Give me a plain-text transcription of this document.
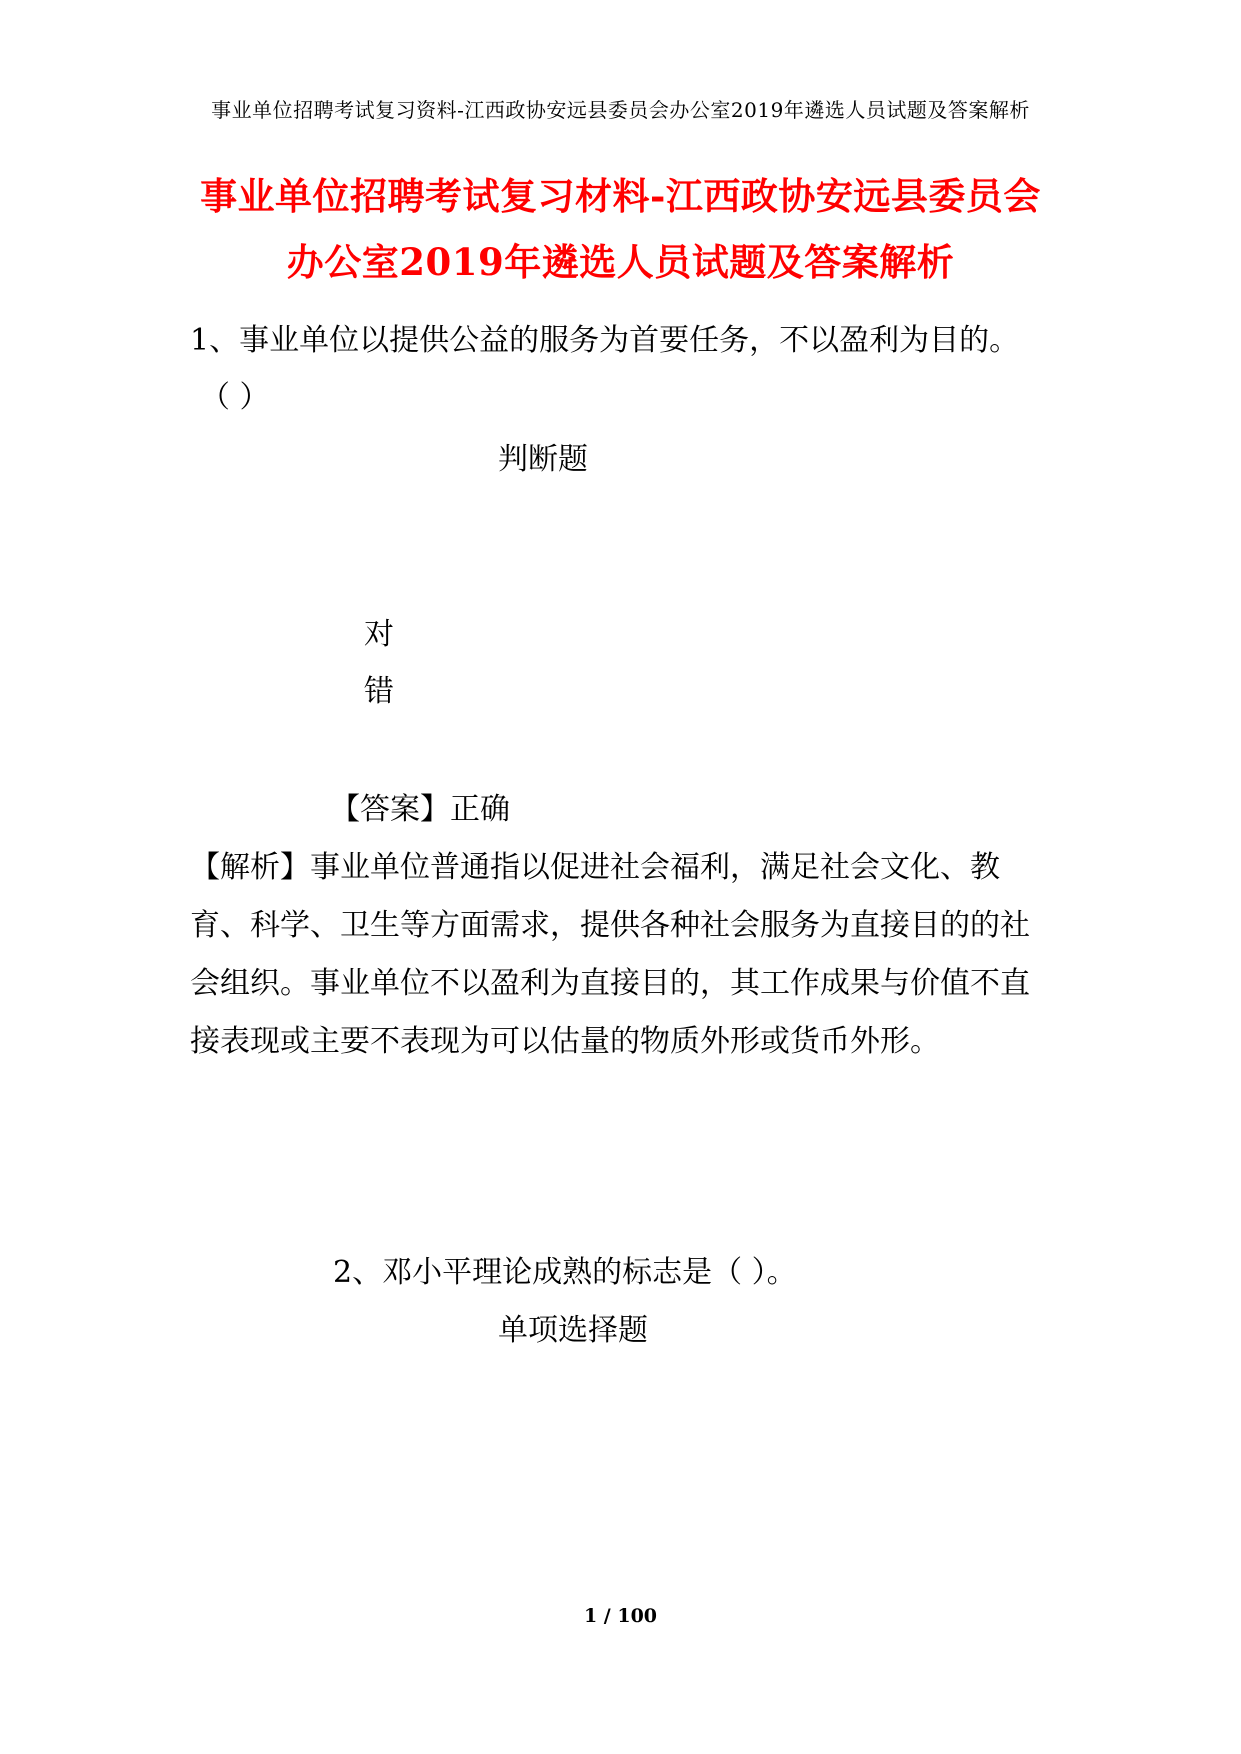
事业单位招聘考试复习资料-江西政协安远县委员会办公室2019年遴选人员试题及答案解析
事业单位招聘考试复习材料-江西政协安远县委员会
办公室2019年遴选人员试题及答案解析
1、事业单位以提供公益的服务为首要任务，不以盈利为目的。
（ ）
判断题
对
错
【答案】正确
【解析】事业单位普通指以促进社会福利，满足社会文化、教
育、科学、卫生等方面需求，提供各种社会服务为直接目的的社
会组织。事业单位不以盈利为直接目的，其工作成果与价值不直
接表现或主要不表现为可以估量的物质外形或货币外形。
2、邓小平理论成熟的标志是（ ）。
单项选择题
1 / 100
